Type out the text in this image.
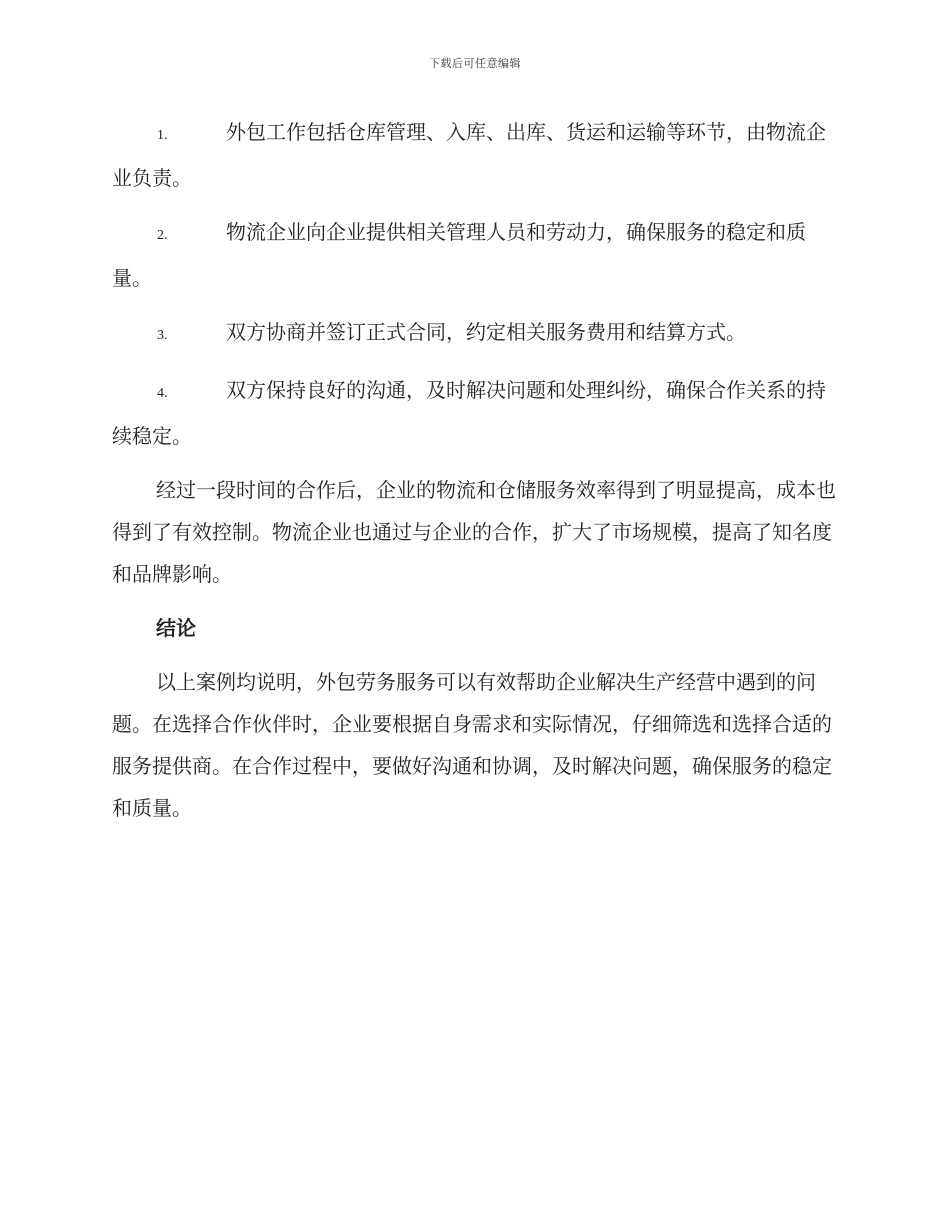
下载后可任意编辑
1.	外包工作包括仓库管理、入库、出库、货运和运输等环节，由物流企业负责。
2.	物流企业向企业提供相关管理人员和劳动力，确保服务的稳定和质量。
3.	双方协商并签订正式合同，约定相关服务费用和结算方式。
4.	双方保持良好的沟通，及时解决问题和处理纠纷，确保合作关系的持续稳定。

经过一段时间的合作后，企业的物流和仓储服务效率得到了明显提高，成本也得到了有效控制。物流企业也通过与企业的合作，扩大了市场规模，提高了知名度和品牌影响。

结论

以上案例均说明，外包劳务服务可以有效帮助企业解决生产经营中遇到的问题。在选择合作伙伴时，企业要根据自身需求和实际情况，仔细筛选和选择合适的服务提供商。在合作过程中，要做好沟通和协调，及时解决问题，确保服务的稳定和质量。
